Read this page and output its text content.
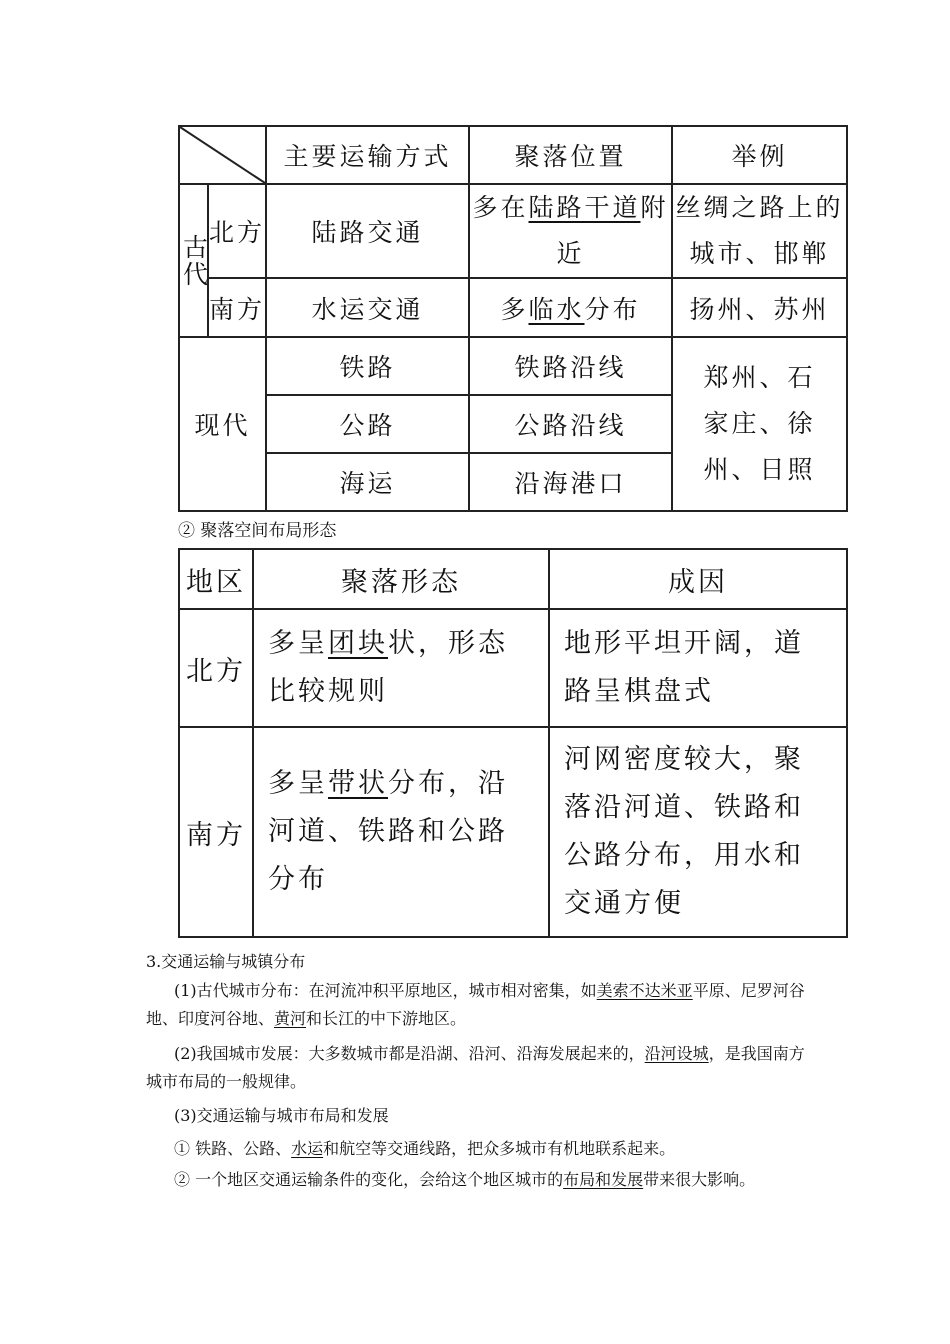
	主要运输方式	聚落位置	举例
古代	北方	陆路交通	多在陆路干道附近	丝绸之路上的城市、邯郸
	南方	水运交通	多临水分布	扬州、苏州
现代		铁路	铁路沿线	郑州、石家庄、徐州、日照
		公路	公路沿线	
		海运	沿海港口	
② 聚落空间布局形态
地区	聚落形态	成因
北方	多呈团块状，形态比较规则	地形平坦开阔，道路呈棋盘式
南方	多呈带状分布，沿河道、铁路和公路分布	河网密度较大，聚落沿河道、铁路和公路分布，用水和交通方便
3.交通运输与城镇分布
(1)古代城市分布：在河流冲积平原地区，城市相对密集，如美索不达米亚平原、尼罗河谷地、印度河谷地、黄河和长江的中下游地区。
(2)我国城市发展：大多数城市都是沿湖、沿河、沿海发展起来的，沿河设城，是我国南方城市布局的一般规律。
(3)交通运输与城市布局和发展
① 铁路、公路、水运和航空等交通线路，把众多城市有机地联系起来。
② 一个地区交通运输条件的变化，会给这个地区城市的布局和发展带来很大影响。
